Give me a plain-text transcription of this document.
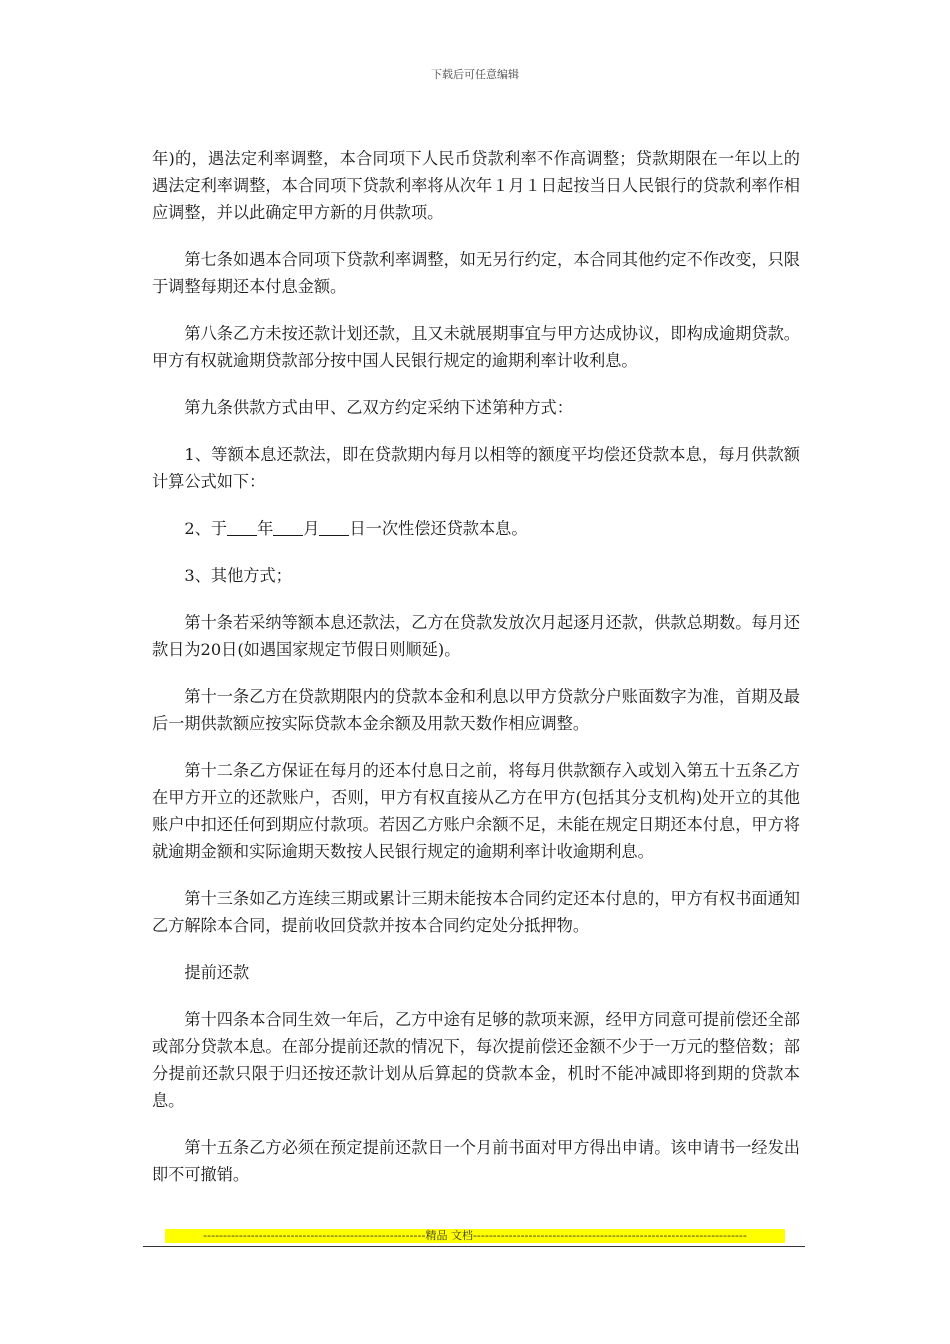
下载后可任意编辑

年)的，遇法定利率调整，本合同项下人民币贷款利率不作高调整；贷款期限在一年以上的遇法定利率调整，本合同项下贷款利率将从次年１月１日起按当日人民银行的贷款利率作相应调整，并以此确定甲方新的月供款项。

第七条如遇本合同项下贷款利率调整，如无另行约定，本合同其他约定不作改变，只限于调整每期还本付息金额。

第八条乙方未按还款计划还款，且又未就展期事宜与甲方达成协议，即构成逾期贷款。甲方有权就逾期贷款部分按中国人民银行规定的逾期利率计收利息。

第九条供款方式由甲、乙双方约定采纳下述第种方式：

1、等额本息还款法，即在贷款期内每月以相等的额度平均偿还贷款本息，每月供款额计算公式如下：

2、于 年 月 日一次性偿还贷款本息。

3、其他方式；

第十条若采纳等额本息还款法，乙方在贷款发放次月起逐月还款，供款总期数。每月还款日为20日(如遇国家规定节假日则顺延)。

第十一条乙方在贷款期限内的贷款本金和利息以甲方贷款分户账面数字为准，首期及最后一期供款额应按实际贷款本金余额及用款天数作相应调整。

第十二条乙方保证在每月的还本付息日之前，将每月供款额存入或划入第五十五条乙方在甲方开立的还款账户，否则，甲方有权直接从乙方在甲方(包括其分支机构)处开立的其他账户中扣还任何到期应付款项。若因乙方账户余额不足，未能在规定日期还本付息，甲方将就逾期金额和实际逾期天数按人民银行规定的逾期利率计收逾期利息。

第十三条如乙方连续三期或累计三期未能按本合同约定还本付息的，甲方有权书面通知乙方解除本合同，提前收回贷款并按本合同约定处分抵押物。

提前还款

第十四条本合同生效一年后，乙方中途有足够的款项来源，经甲方同意可提前偿还全部或部分贷款本息。在部分提前还款的情况下，每次提前偿还金额不少于一万元的整倍数；部分提前还款只限于归还按还款计划从后算起的贷款本金，机时不能冲减即将到期的贷款本息。

第十五条乙方必须在预定提前还款日一个月前书面对甲方得出申请。该申请书一经发出即不可撤销。

--------------------------------------------------------精品 文档---------------------------------------------------------------------
